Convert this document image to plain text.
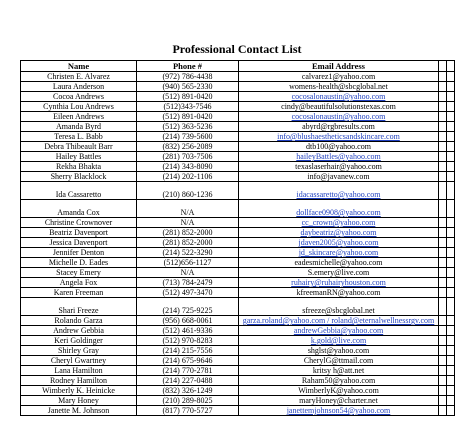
Professional Contact List
Name	Phone #	Email Address		
Christen E. Alvarez	(972) 786-4438	calvarez1@yahoo.com		
Laura Anderson	(940) 565-2330	womens-health@sbcglobal.net		
Cocoa Andrews	(512) 891-0420	cocosalonaustin@yahoo.com		
Cynthia Lou Andrews	(512)343-7546	cindy@beautifulsolutionstexas.com		
Eileen Andrews	(512) 891-0420	cocosalonaustin@yahoo.com		
Amanda Byrd	(512) 363-5236	abyrd@rgbresults.com		
Teresa L. Babb	(214) 739-5600	info@blushaestheticsandskincare.com		
Debra Thibeault Barr	(832) 256-2089	dtb100@yahoo.com		
Hailey Battles	(281) 703-7506	haileyBattles@yahoo.com		
Rekha Bhakta	(214) 343-8090	texaslaserhair@yahoo.com		
Sherry Blacklock	(214) 202-1106	info@javanew.com		
Ida Cassaretto	(210) 860-1236	idacassaretto@yahoo.com		
Amanda Cox	N/A	dollface0908@yahoo.com		
Christine Crownover	N/A	cc_crown@yahoo.com		
Beatriz Davenport	(281) 852-2000	daybeatriz@yahoo.com		
Jessica Davenport	(281) 852-2000	jdaven2005@yahoo.com		
Jennifer Denton	(214) 522-3290	jd_skincare@yahoo.com		
Michelle D. Eades	(512)656-1127	eadesmichelle@yahoo.com		
Stacey Emery	N/A	S.emery@live.com		
Angela Fox	(713) 784-2479	ruhairy@ruhairyhouston.com		
Karen Freeman	(512) 497-3470	kfreemanRN@yahoo.com		
Shari Freeze	(214) 725-9225	sfreeze@sbcglobal.net		
Rolando Garza	(956) 668-0061	garza.roland@yahoo.com / roland@eternalwellnessrgv.com		
Andrew Gebbia	(512) 461-9336	andrewGebbia@yahoo.com		
Keri Goldinger	(512) 970-8283	k.gold@live.com		
Shirley Gray	(214) 215-7556	shglst@yahoo.com		
Cheryl Gwartney	(214) 675-9646	CherylG@ttmail.com		
Lana Hamilton	(214) 770-2781	kritsy h@att.net		
Rodney Hamilton	(214) 227-0488	Raham50@yahoo.com		
Wimberly K. Heinicke	(832) 326-1249	WimberlyK@yahoo.com		
Mary Honey	(210) 289-8025	maryHoney@charter.net		
Janette M. Johnson	(817) 770-5727	janettemjohnson54@yahoo.com		
